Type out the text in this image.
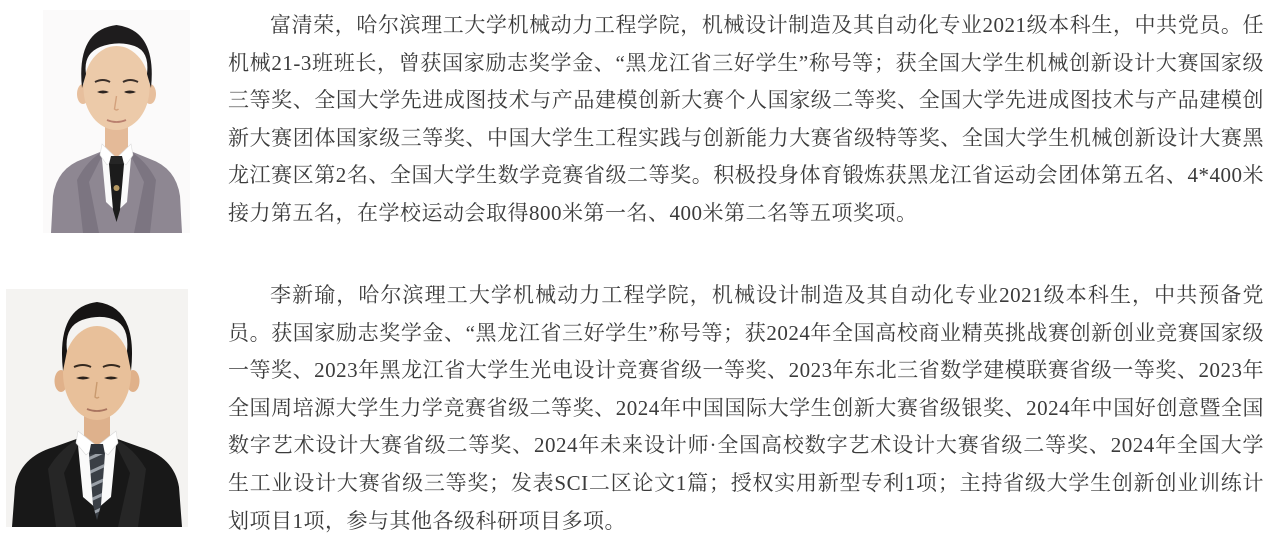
富清荣，哈尔滨理工大学机械动力工程学院，机械设计制造及其自动化专业2021级本科生，中共党员。任机械21-3班班长，曾获国家励志奖学金、“黑龙江省三好学生”称号等；获全国大学生机械创新设计大赛国家级三等奖、全国大学先进成图技术与产品建模创新大赛个人国家级二等奖、全国大学先进成图技术与产品建模创新大赛团体国家级三等奖、中国大学生工程实践与创新能力大赛省级特等奖、全国大学生机械创新设计大赛黑龙江赛区第2名、全国大学生数学竞赛省级二等奖。积极投身体育锻炼获黑龙江省运动会团体第五名、4*400米接力第五名，在学校运动会取得800米第一名、400米第二名等五项奖项。

李新瑜，哈尔滨理工大学机械动力工程学院，机械设计制造及其自动化专业2021级本科生，中共预备党员。获国家励志奖学金、“黑龙江省三好学生”称号等；获2024年全国高校商业精英挑战赛创新创业竞赛国家级一等奖、2023年黑龙江省大学生光电设计竞赛省级一等奖、2023年东北三省数学建模联赛省级一等奖、2023年全国周培源大学生力学竞赛省级二等奖、2024年中国国际大学生创新大赛省级银奖、2024年中国好创意暨全国数字艺术设计大赛省级二等奖、2024年未来设计师·全国高校数字艺术设计大赛省级二等奖、2024年全国大学生工业设计大赛省级三等奖；发表SCI二区论文1篇；授权实用新型专利1项；主持省级大学生创新创业训练计划项目1项，参与其他各级科研项目多项。
